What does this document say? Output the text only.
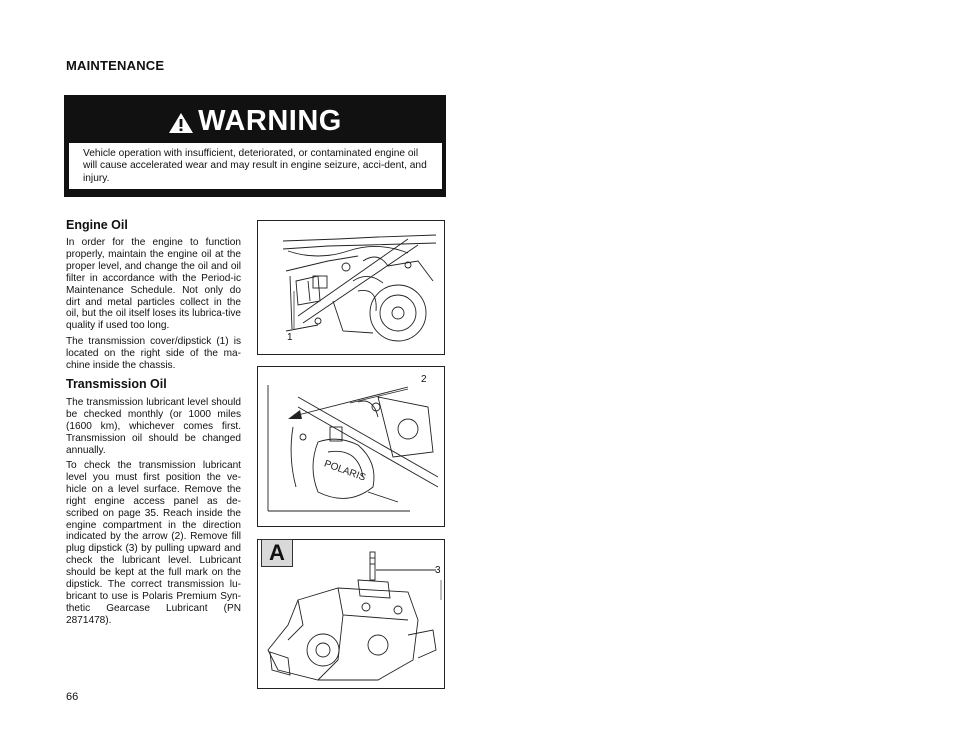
MAINTENANCE
WARNING
Vehicle operation with insufficient, deteriorated, or contaminated engine oil will cause accelerated wear and may result in engine seizure, acci-dent, and injury.
Engine Oil
In order for the engine to function properly, maintain the engine oil at the proper level, and change the oil and oil filter in accordance with the Period-ic Maintenance Schedule. Not only do dirt and metal particles collect in the oil, but the oil itself loses its lubrica-tive quality if used too long.
The transmission cover/dipstick (1) is located on the right side of the ma-chine inside the chassis.
Transmission Oil
The transmission lubricant level should be checked monthly (or 1000 miles (1600 km), whichever comes first. Transmission oil should be changed annually.
To check the transmission lubricant level you must first position the ve-hicle on a level surface. Remove the right engine access panel as de-scribed on page 35. Reach inside the engine compartment in the direction indicated by the arrow (2). Remove fill plug dipstick (3) by pulling upward and check the lubricant level. Lubricant should be kept at the full mark on the dipstick. The correct transmission lu-bricant to use is Polaris Premium Syn-thetic Gearcase Lubricant (PN 2871478).
1
POLARIS
2
3
A
66
